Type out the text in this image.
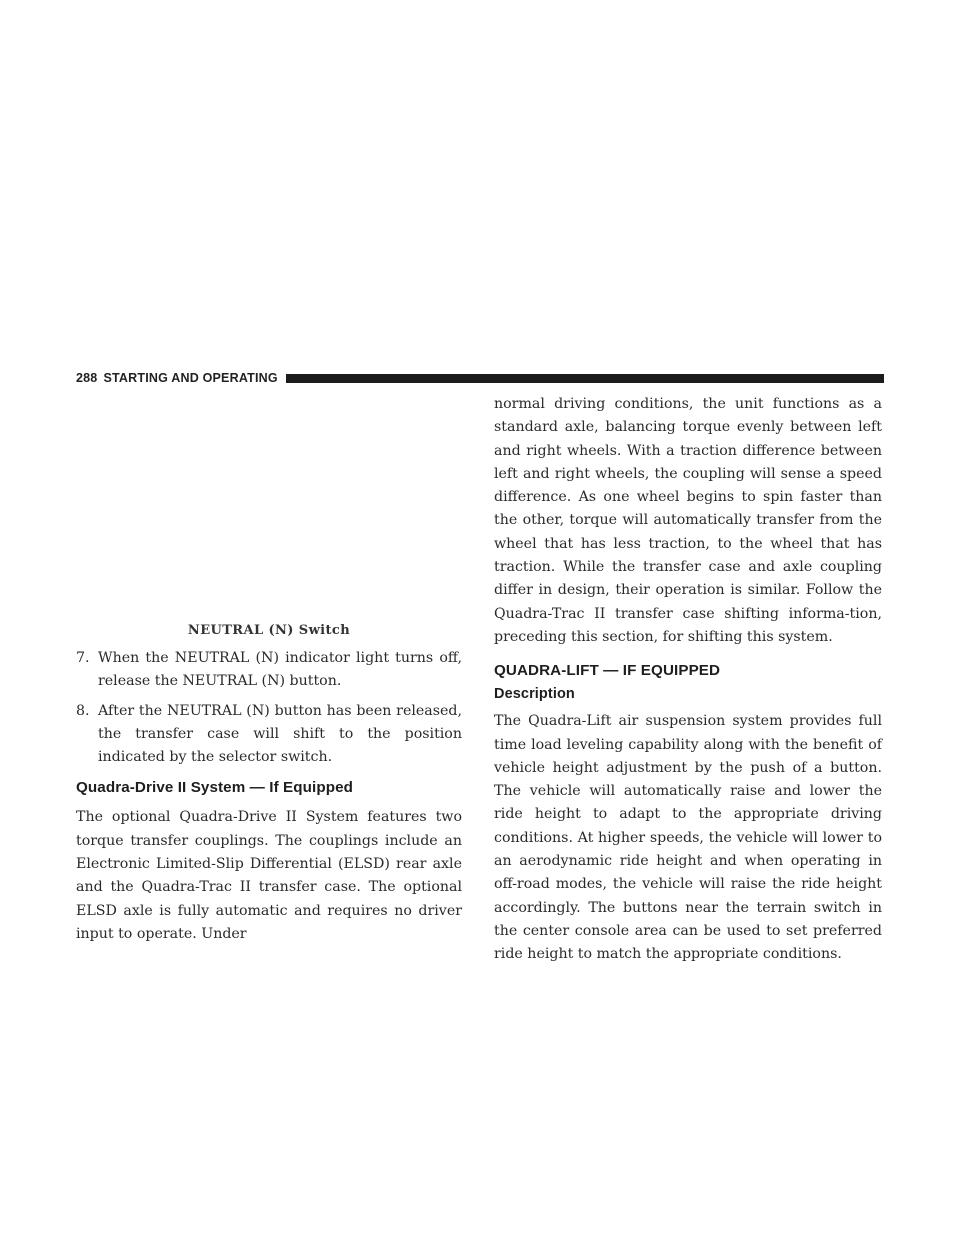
288 STARTING AND OPERATING
NEUTRAL (N) Switch
7. When the NEUTRAL (N) indicator light turns off, release the NEUTRAL (N) button.
8. After the NEUTRAL (N) button has been released, the transfer case will shift to the position indicated by the selector switch.
Quadra-Drive II System — If Equipped

The optional Quadra-Drive II System features two torque transfer couplings. The couplings include an Electronic Limited-Slip Differential (ELSD) rear axle and the Quadra-Trac II transfer case. The optional ELSD axle is fully automatic and requires no driver input to operate. Under

normal driving conditions, the unit functions as a standard axle, balancing torque evenly between left and right wheels. With a traction difference between left and right wheels, the coupling will sense a speed difference. As one wheel begins to spin faster than the other, torque will automatically transfer from the wheel that has less traction, to the wheel that has traction. While the transfer case and axle coupling differ in design, their operation is similar. Follow the Quadra-Trac II transfer case shifting informa-tion, preceding this section, for shifting this system.

QUADRA-LIFT — IF EQUIPPED
Description

The Quadra-Lift air suspension system provides full time load leveling capability along with the benefit of vehicle height adjustment by the push of a button. The vehicle will automatically raise and lower the ride height to adapt to the appropriate driving conditions. At higher speeds, the vehicle will lower to an aerodynamic ride height and when operating in off-road modes, the vehicle will raise the ride height accordingly. The buttons near the terrain switch in the center console area can be used to set preferred ride height to match the appropriate conditions.
